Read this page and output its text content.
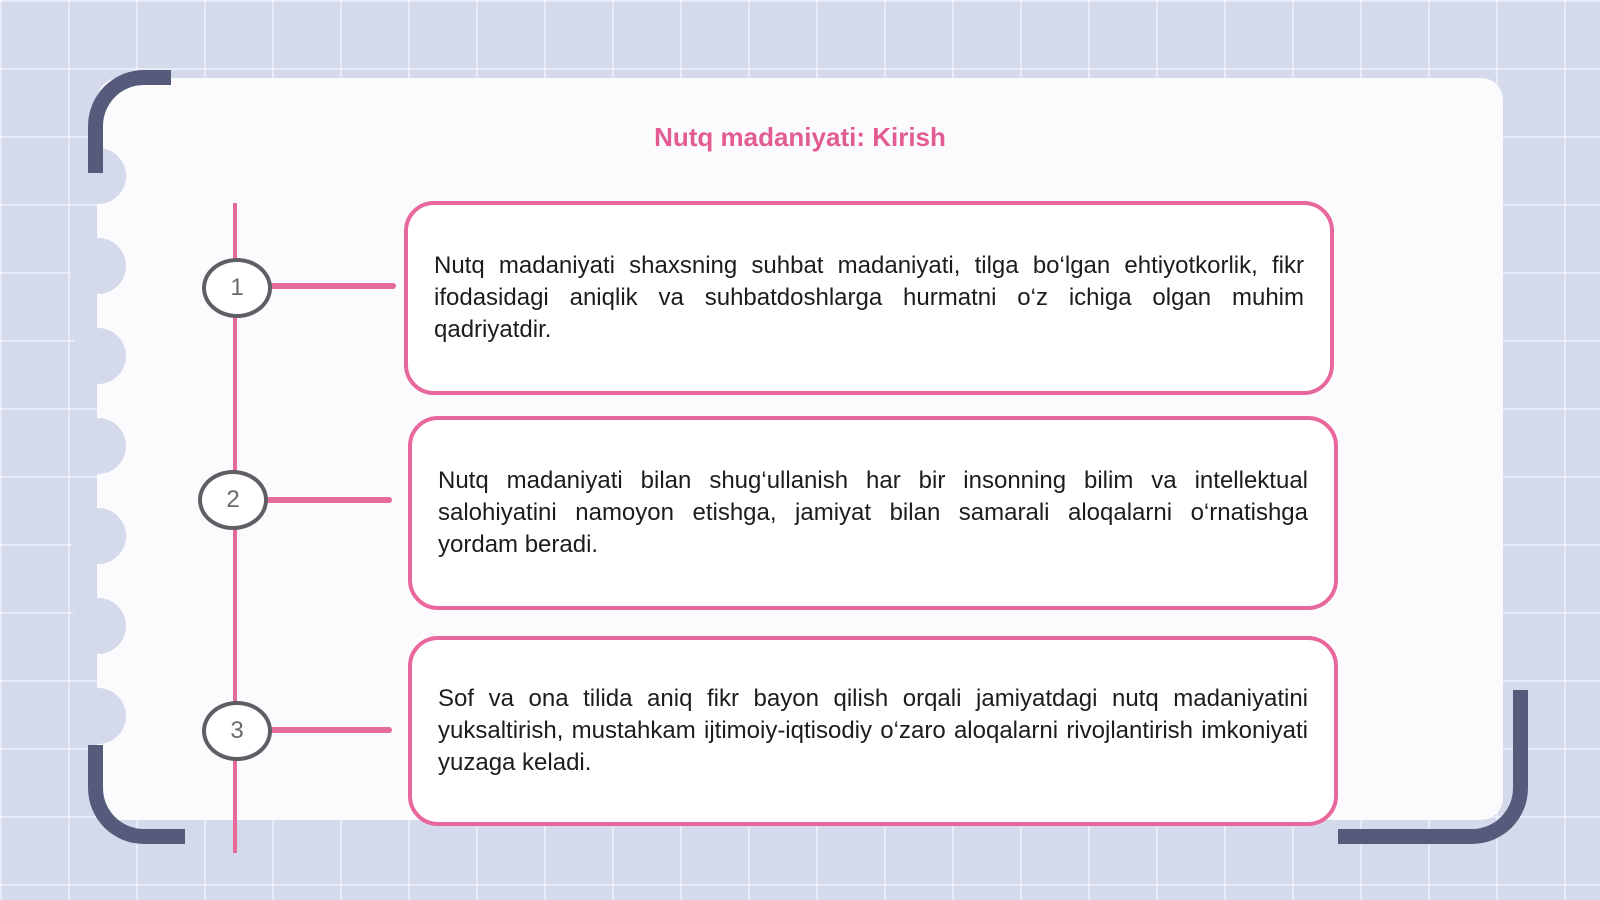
Nutq madaniyati: Kirish
1

Nutq madaniyati shaxsning suhbat madaniyati, tilga bo‘lgan ehtiyotkorlik, fikr ifodasidagi aniqlik va suhbatdoshlarga hurmatni o‘z ichiga olgan muhim qadriyatdir.

2

Nutq madaniyati bilan shug‘ullanish har bir insonning bilim va intellektual salohiyatini namoyon etishga, jamiyat bilan samarali aloqalarni o‘rnatishga yordam beradi.

3

Sof va ona tilida aniq fikr bayon qilish orqali jamiyatdagi nutq madaniyatini yuksaltirish, mustahkam ijtimoiy-iqtisodiy o‘zaro aloqalarni rivojlantirish imkoniyati yuzaga keladi.
